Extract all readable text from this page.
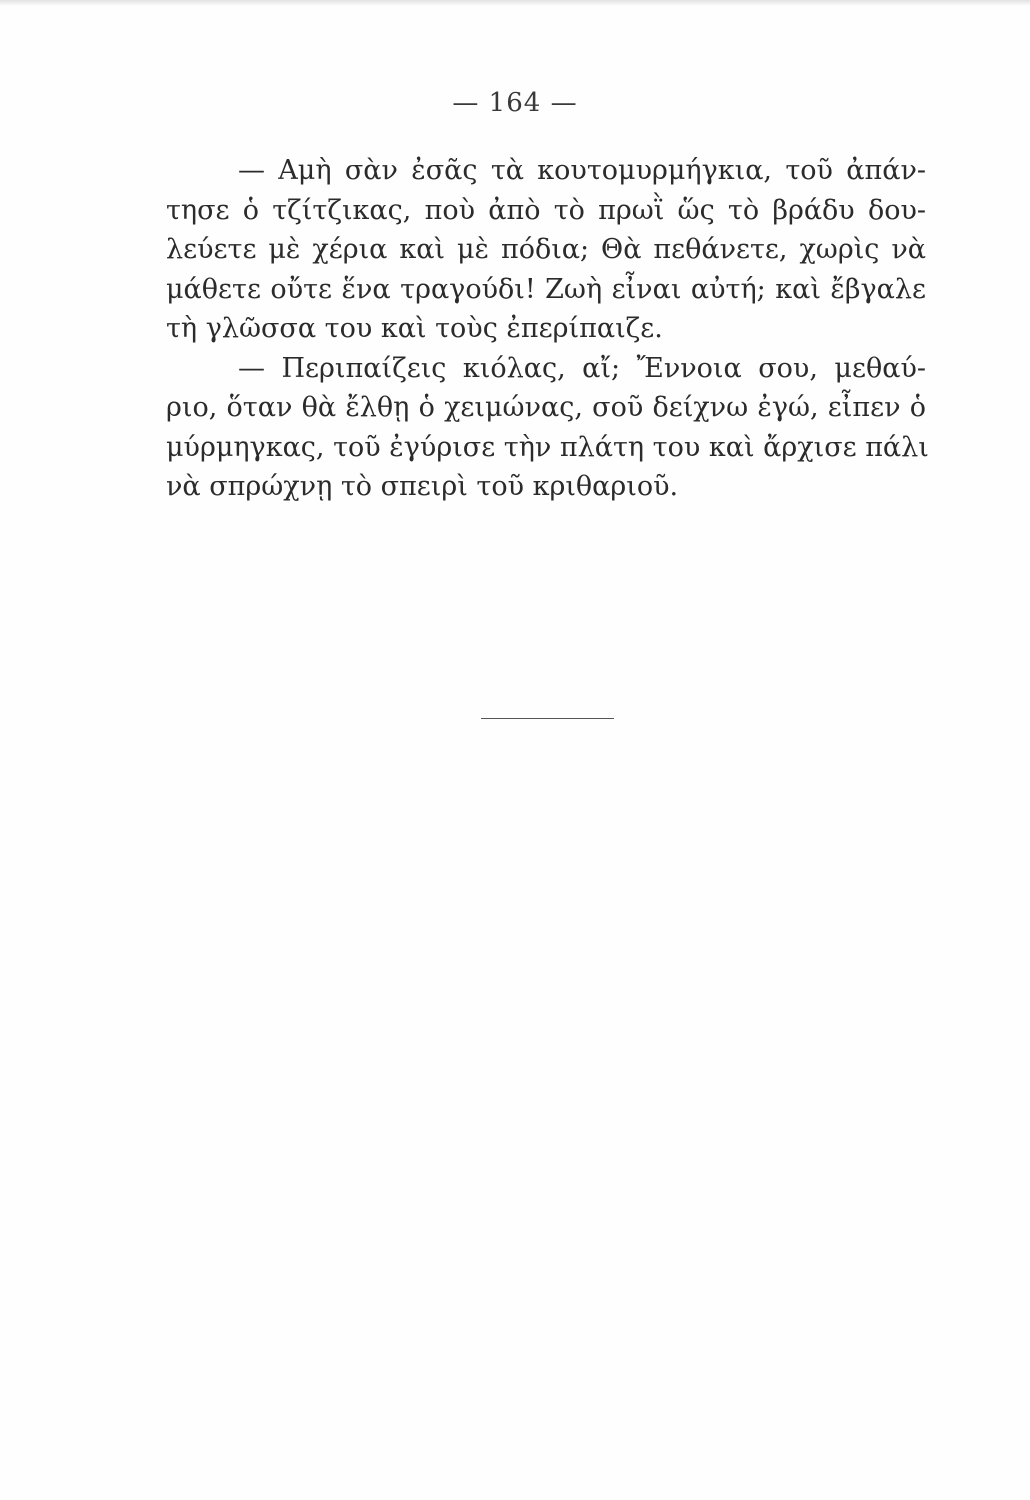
— 164 —
— Αμὴ σὰν ἐσᾶς τὰ κουτομυρμήγκια, τοῦ ἀπάν-
τησε ὁ τζίτζικας, ποὺ ἀπὸ τὸ πρωῒ ὥς τὸ βράδυ δου-
λεύετε μὲ χέρια καὶ μὲ πόδια; Θὰ πεθάνετε, χωρὶς νὰ
μάθετε οὔτε ἕνα τραγούδι! Ζωὴ εἶναι αὐτή; καὶ ἔβγαλε
τὴ γλῶσσα του καὶ τοὺς ἐπερίπαιζε.
— Περιπαίζεις κιόλας, αἴ; Ἔννοια σου, μεθαύ-
ριο, ὅταν θὰ ἔλθῃ ὁ χειμώνας, σοῦ δείχνω ἐγώ, εἶπεν ὁ
μύρμηγκας, τοῦ ἐγύρισε τὴν πλάτη του καὶ ἄρχισε πάλι
νὰ σπρώχνῃ τὸ σπειρὶ τοῦ κριθαριοῦ.
